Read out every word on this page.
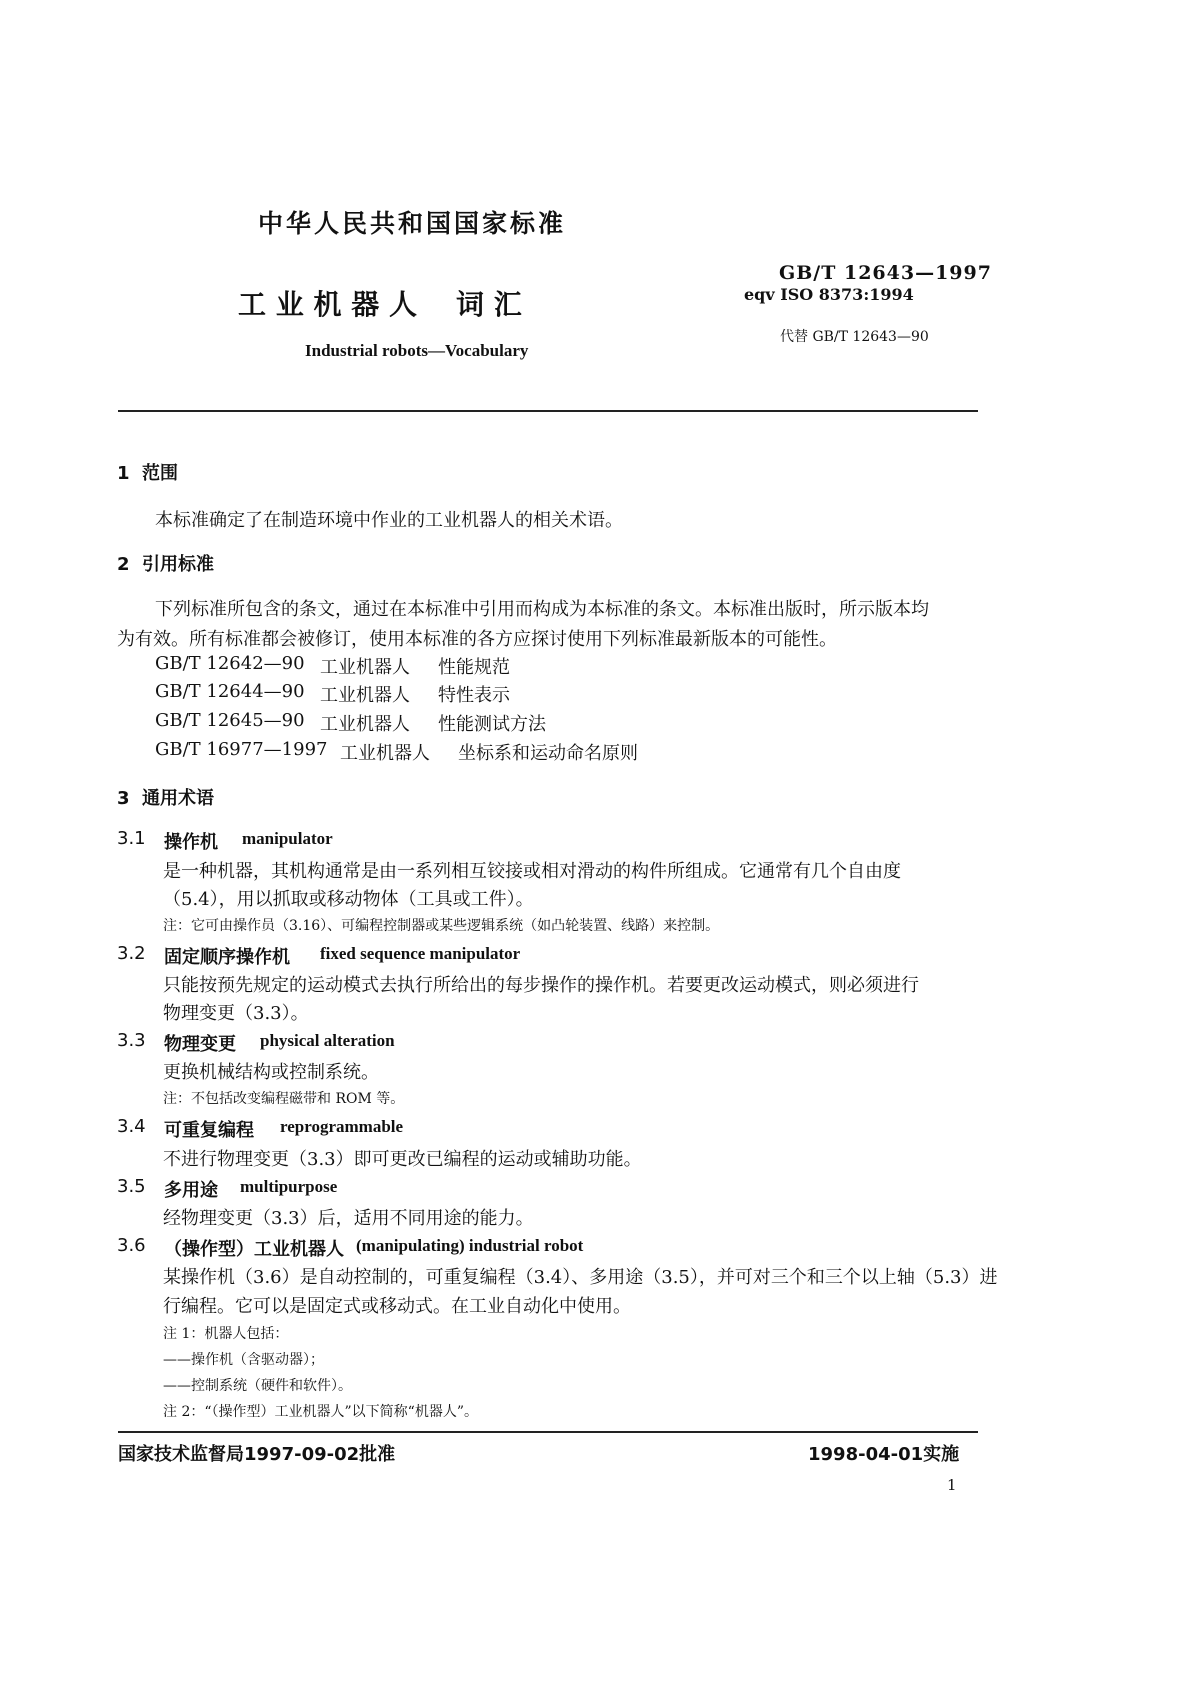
中华人民共和国国家标准
工 业 机 器 人    词 汇
Industrial robots—Vocabulary
GB/T 12643—1997
eqv ISO 8373:1994
代替 GB/T 12643—90
1  范围
本标准确定了在制造环境中作业的工业机器人的相关术语。
2  引用标准
下列标准所包含的条文，通过在本标准中引用而构成为本标准的条文。本标准出版时，所示版本均
为有效。所有标准都会被修订，使用本标准的各方应探讨使用下列标准最新版本的可能性。
GB/T 12642—90 工业机器人 性能规范
GB/T 12644—90 工业机器人 特性表示
GB/T 12645—90 工业机器人 性能测试方法
GB/T 16977—1997 工业机器人 坐标系和运动命名原则
3  通用术语
3.1 操作机 manipulator
是一种机器，其机构通常是由一系列相互铰接或相对滑动的构件所组成。它通常有几个自由度
（5.4），用以抓取或移动物体（工具或工件）。
注：它可由操作员（3.16）、可编程控制器或某些逻辑系统（如凸轮装置、线路）来控制。
3.2 固定顺序操作机 fixed sequence manipulator
只能按预先规定的运动模式去执行所给出的每步操作的操作机。若要更改运动模式，则必须进行
物理变更（3.3）。
3.3 物理变更 physical alteration
更换机械结构或控制系统。
注：不包括改变编程磁带和 ROM 等。
3.4 可重复编程 reprogrammable
不进行物理变更（3.3）即可更改已编程的运动或辅助功能。
3.5 多用途 multipurpose
经物理变更（3.3）后，适用不同用途的能力。
3.6 （操作型）工业机器人 (manipulating) industrial robot
某操作机（3.6）是自动控制的，可重复编程（3.4）、多用途（3.5），并可对三个和三个以上轴（5.3）进
行编程。它可以是固定式或移动式。在工业自动化中使用。
注 1：机器人包括：
——操作机（含驱动器）；
——控制系统（硬件和软件）。
注 2：“（操作型）工业机器人”以下简称“机器人”。
国家技术监督局1997-09-02批准	1998-04-01实施
1
